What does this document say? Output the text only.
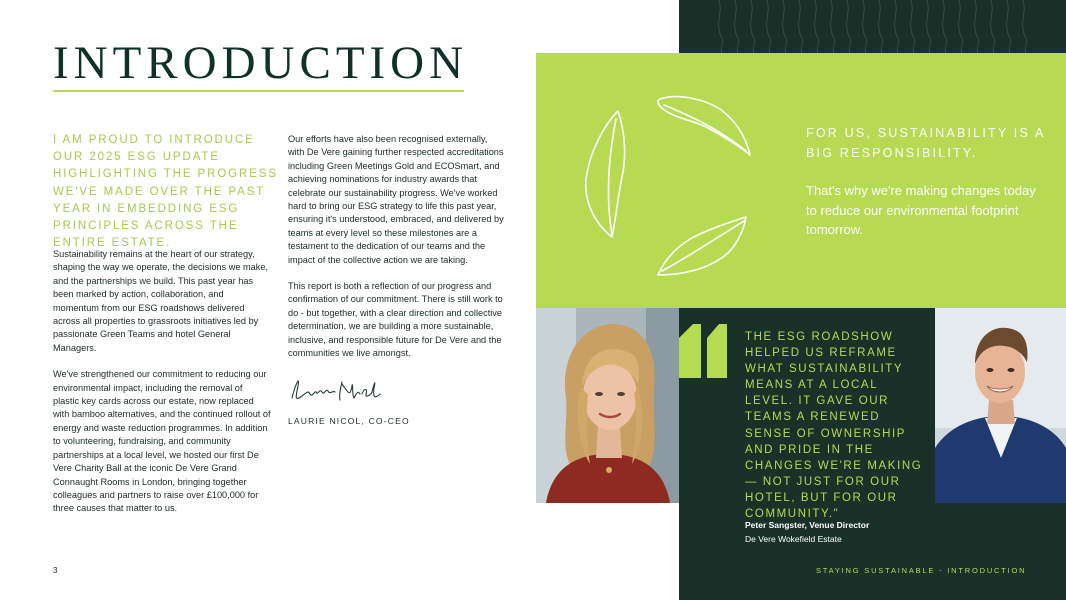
INTRODUCTION
I AM PROUD TO INTRODUCE OUR 2025 ESG UPDATE HIGHLIGHTING THE PROGRESS WE'VE MADE OVER THE PAST YEAR IN EMBEDDING ESG PRINCIPLES ACROSS THE ENTIRE ESTATE.

Sustainability remains at the heart of our strategy, shaping the way we operate, the decisions we make, and the partnerships we build. This past year has been marked by action, collaboration, and momentum from our ESG roadshows delivered across all properties to grassroots initiatives led by passionate Green Teams and hotel General Managers.

We've strengthened our commitment to reducing our environmental impact, including the removal of plastic key cards across our estate, now replaced with bamboo alternatives, and the continued rollout of energy and waste reduction programmes. In addition to volunteering, fundraising, and community partnerships at a local level, we hosted our first De Vere Charity Ball at the iconic De Vere Grand Connaught Rooms in London, bringing together colleagues and partners to raise over £100,000 for three causes that matter to us.

Our efforts have also been recognised externally, with De Vere gaining further respected accreditations including Green Meetings Gold and ECOSmart, and achieving nominations for industry awards that celebrate our sustainability progress. We've worked hard to bring our ESG strategy to life this past year, ensuring it's understood, embraced, and delivered by teams at every level so these milestones are a testament to the dedication of our teams and the impact of the collective action we are taking.

This report is both a reflection of our progress and confirmation of our commitment. There is still work to do - but together, with a clear direction and collective determination, we are building a more sustainable, inclusive, and responsible future for De Vere and the communities we live amongst.

LAURIE NICOL, CO-CEO
3
FOR US, SUSTAINABILITY IS A BIG RESPONSIBILITY.
That's why we're making changes today to reduce our environmental footprint tomorrow.
THE ESG ROADSHOW HELPED US REFRAME WHAT SUSTAINABILITY MEANS AT A LOCAL LEVEL. IT GAVE OUR TEAMS A RENEWED SENSE OF OWNERSHIP AND PRIDE IN THE CHANGES WE'RE MAKING — NOT JUST FOR OUR HOTEL, BUT FOR OUR COMMUNITY."
Peter Sangster, Venue Director
De Vere Wokefield Estate
STAYING SUSTAINABLE - INTRODUCTION
